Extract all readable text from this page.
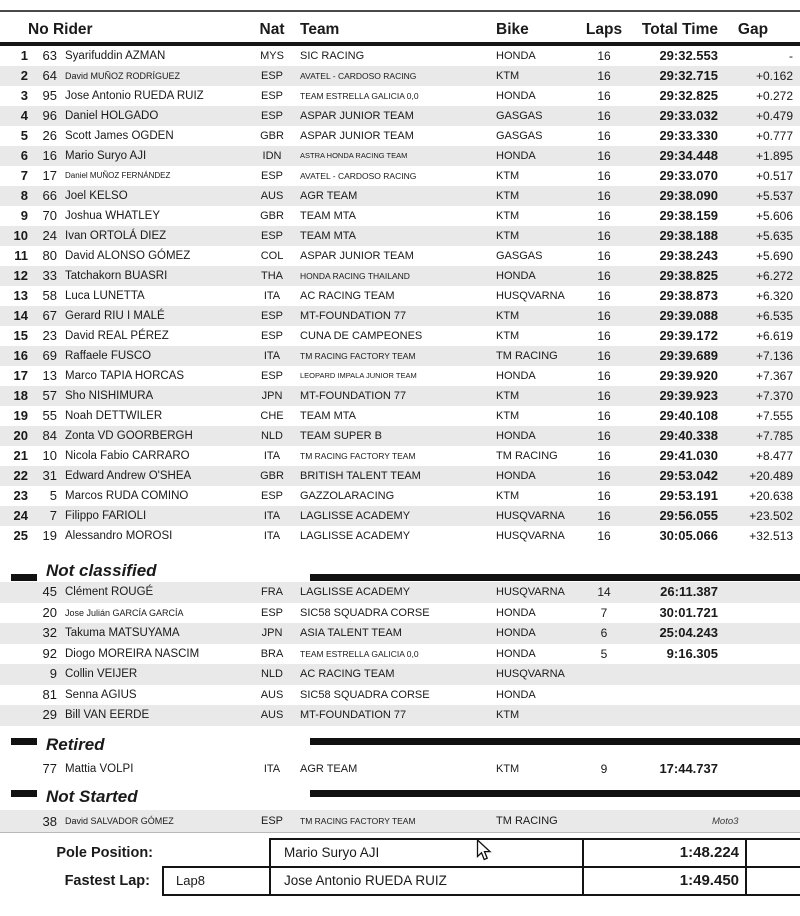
No Rider	Nat	Team	Bike	Laps	Total Time	Gap
1	63 Syarifuddin AZMAN	MYS	SIC RACING	HONDA	16	29:32.553	-
2	64 David MUÑOZ RODRÍGUEZ	ESP	AVATEL - CARDOSO RACING	KTM	16	29:32.715	+0.162
3	95 Jose Antonio RUEDA RUIZ	ESP	TEAM ESTRELLA GALICIA 0,0	HONDA	16	29:32.825	+0.272
4	96 Daniel HOLGADO	ESP	ASPAR JUNIOR TEAM	GASGAS	16	29:33.032	+0.479
5	26 Scott James OGDEN	GBR	ASPAR JUNIOR TEAM	GASGAS	16	29:33.330	+0.777
6	16 Mario Suryo AJI	IDN	ASTRA HONDA RACING TEAM	HONDA	16	29:34.448	+1.895
7	17	Daniel MUÑOZ FERNÁNDEZ	ESP	AVATEL - CARDOSO RACING	KTM	16	29:33.070	+0.517
8	66 Joel KELSO	AUS	AGR TEAM	KTM	16	29:38.090	+5.537
9	70 Joshua WHATLEY	GBR	TEAM MTA	KTM	16	29:38.159	+5.606
10	24 Ivan ORTOLÁ DIEZ	ESP	TEAM MTA	KTM	16	29:38.188	+5.635
11	80 David ALONSO GÓMEZ	COL	ASPAR JUNIOR TEAM	GASGAS	16	29:38.243	+5.690
12	33 Tatchakorn BUASRI	THA	HONDA RACING THAILAND	HONDA	16	29:38.825	+6.272
13	58 Luca LUNETTA	ITA	AC RACING TEAM	HUSQVARNA	16	29:38.873	+6.320
14	67 Gerard RIU I MALÉ	ESP	MT-FOUNDATION 77	KTM	16	29:39.088	+6.535
15	23 David REAL PÉREZ	ESP	CUNA DE CAMPEONES	KTM	16	29:39.172	+6.619
16	69 Raffaele FUSCO	ITA	TM RACING FACTORY TEAM	TM RACING	16	29:39.689	+7.136
17	13 Marco TAPIA HORCAS	ESP	LEOPARD IMPALA JUNIOR TEAM	HONDA	16	29:39.920	+7.367
18	57 Sho NISHIMURA	JPN	MT-FOUNDATION 77	KTM	16	29:39.923	+7.370
19	55 Noah DETTWILER	CHE	TEAM MTA	KTM	16	29:40.108	+7.555
20	84 Zonta VD GOORBERGH	NLD	TEAM SUPER B	HONDA	16	29:40.338	+7.785
21	10 Nicola Fabio CARRARO	ITA	TM RACING FACTORY TEAM	TM RACING	16	29:41.030	+8.477
22	31 Edward Andrew O'SHEA	GBR	BRITISH TALENT TEAM	HONDA	16	29:53.042	+20.489
23	5 Marcos RUDA COMINO	ESP	GAZZOLARACING	KTM	16	29:53.191	+20.638
24	7 Filippo FARIOLI	ITA	LAGLISSE ACADEMY	HUSQVARNA	16	29:56.055	+23.502
25	19 Alessandro MOROSI	ITA	LAGLISSE ACADEMY	HUSQVARNA	16	30:05.066	+32.513
Not classified
45 Clément ROUGÉ	FRA	LAGLISSE ACADEMY	HUSQVARNA	14	26:11.387
20 Jose Julián GARCÍA GARCÍA	ESP	SIC58 SQUADRA CORSE	HONDA	7	30:01.721
32 Takuma MATSUYAMA	JPN	ASIA TALENT TEAM	HONDA	6	25:04.243
92 Diogo MOREIRA NASCIM	BRA	TEAM ESTRELLA GALICIA 0,0	HONDA	5	9:16.305
9 Collin VEIJER	NLD	AC RACING TEAM	HUSQVARNA
81 Senna AGIUS	AUS	SIC58 SQUADRA CORSE	HONDA
29 Bill VAN EERDE	AUS	MT-FOUNDATION 77	KTM
Retired
77 Mattia VOLPI	ITA	AGR TEAM	KTM	9	17:44.737
Not Started
38 David SALVADOR GÓMEZ	ESP	TM RACING FACTORY TEAM	TM RACING	Moto3
Pole Position:	Mario Suryo AJI	1:48.224
Fastest Lap:	Lap8	Jose Antonio RUEDA RUIZ	1:49.450
